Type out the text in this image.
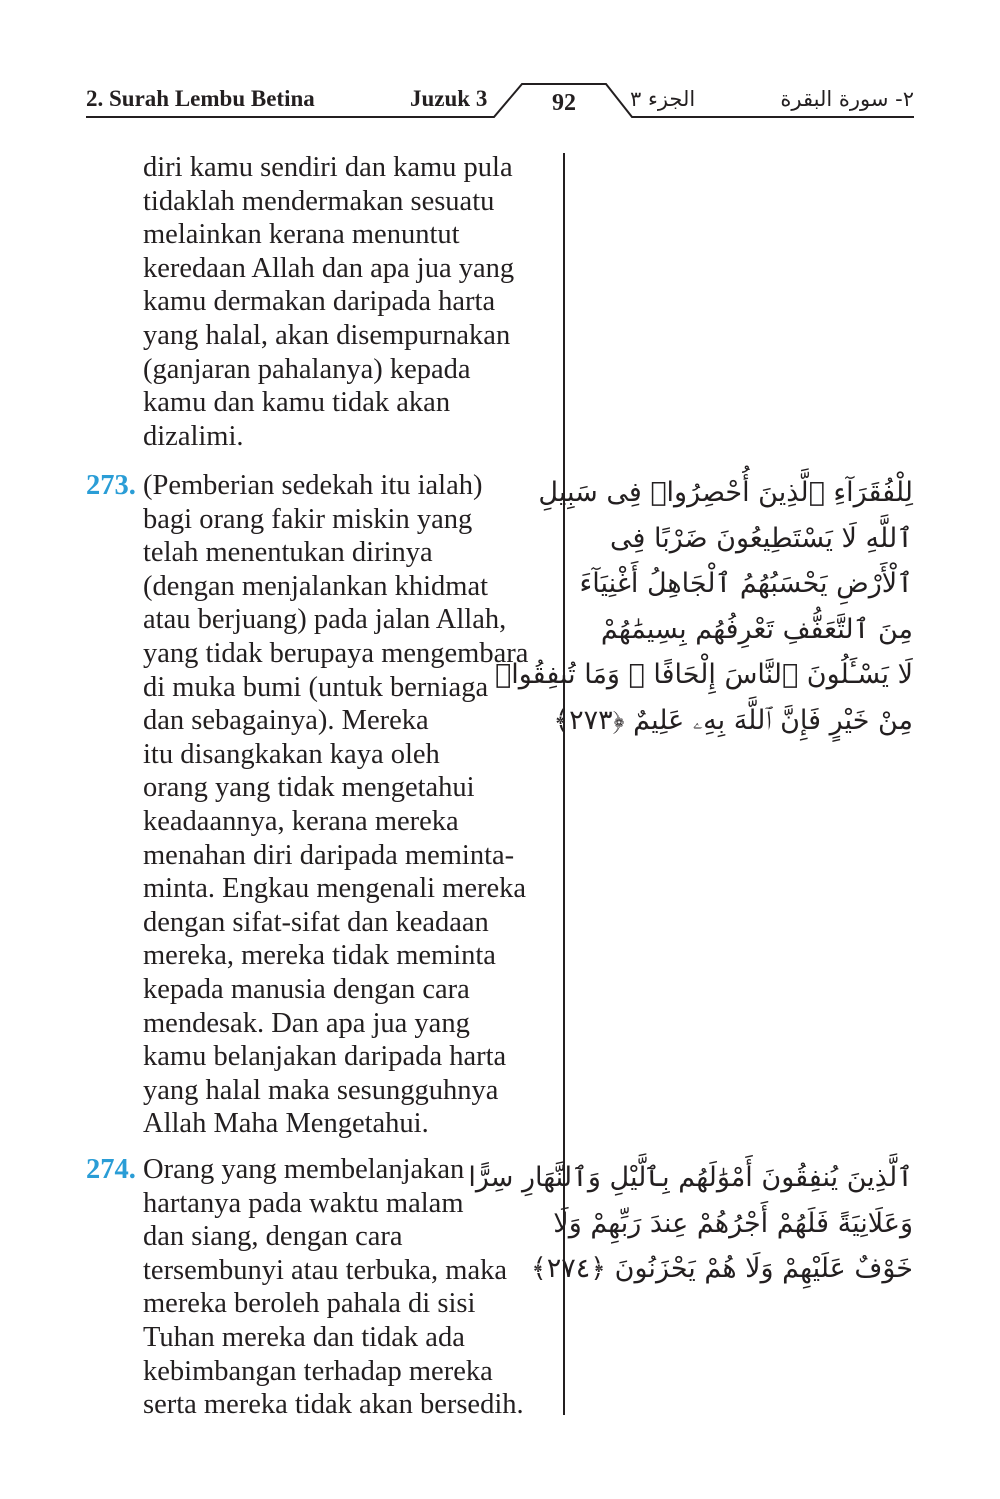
2. Surah Lembu Betina	Juzuk 3	92	الجزء ٣	٢- سورة البقرة
diri kamu sendiri dan kamu pula
tidaklah mendermakan sesuatu
melainkan kerana menuntut
keredaan Allah dan apa jua yang
kamu dermakan daripada harta
yang halal, akan disempurnakan
(ganjaran pahalanya) kepada
kamu dan kamu tidak akan
dizalimi.
273. (Pemberian sedekah itu ialah)
bagi orang fakir miskin yang
telah menentukan dirinya
(dengan menjalankan khidmat
atau berjuang) pada jalan Allah,
yang tidak berupaya mengembara
di muka bumi (untuk berniaga
dan sebagainya). Mereka
itu disangkakan kaya oleh
orang yang tidak mengetahui
keadaannya, kerana mereka
menahan diri daripada meminta-
minta. Engkau mengenali mereka
dengan sifat-sifat dan keadaan
mereka, mereka tidak meminta
kepada manusia dengan cara
mendesak. Dan apa jua yang
kamu belanjakan daripada harta
yang halal maka sesungguhnya
Allah Maha Mengetahui.
لِلْفُقَرَآءِ ٱلَّذِينَ أُحْصِرُوا۟ فِى سَبِيلِ
ٱللَّهِ لَا يَسْتَطِيعُونَ ضَرْبًا فِى
ٱلْأَرْضِ يَحْسَبُهُمُ ٱلْجَاهِلُ أَغْنِيَآءَ
مِنَ ٱلتَّعَفُّفِ تَعْرِفُهُم بِسِيمَٰهُمْ
لَا يَسْـَٔلُونَ ٱلنَّاسَ إِلْحَافًا ۗ وَمَا تُنفِقُوا۟
مِنْ خَيْرٍ فَإِنَّ ٱللَّهَ بِهِۦ عَلِيمٌ ﴿٢٧٣﴾
274. Orang yang membelanjakan
hartanya pada waktu malam
dan siang, dengan cara
tersembunyi atau terbuka, maka
mereka beroleh pahala di sisi
Tuhan mereka dan tidak ada
kebimbangan terhadap mereka
serta mereka tidak akan bersedih.
ٱلَّذِينَ يُنفِقُونَ أَمْوَٰلَهُم بِٱلَّيْلِ وَٱلنَّهَارِ سِرًّا
وَعَلَانِيَةً فَلَهُمْ أَجْرُهُمْ عِندَ رَبِّهِمْ وَلَا
خَوْفٌ عَلَيْهِمْ وَلَا هُمْ يَحْزَنُونَ ﴿٢٧٤﴾
